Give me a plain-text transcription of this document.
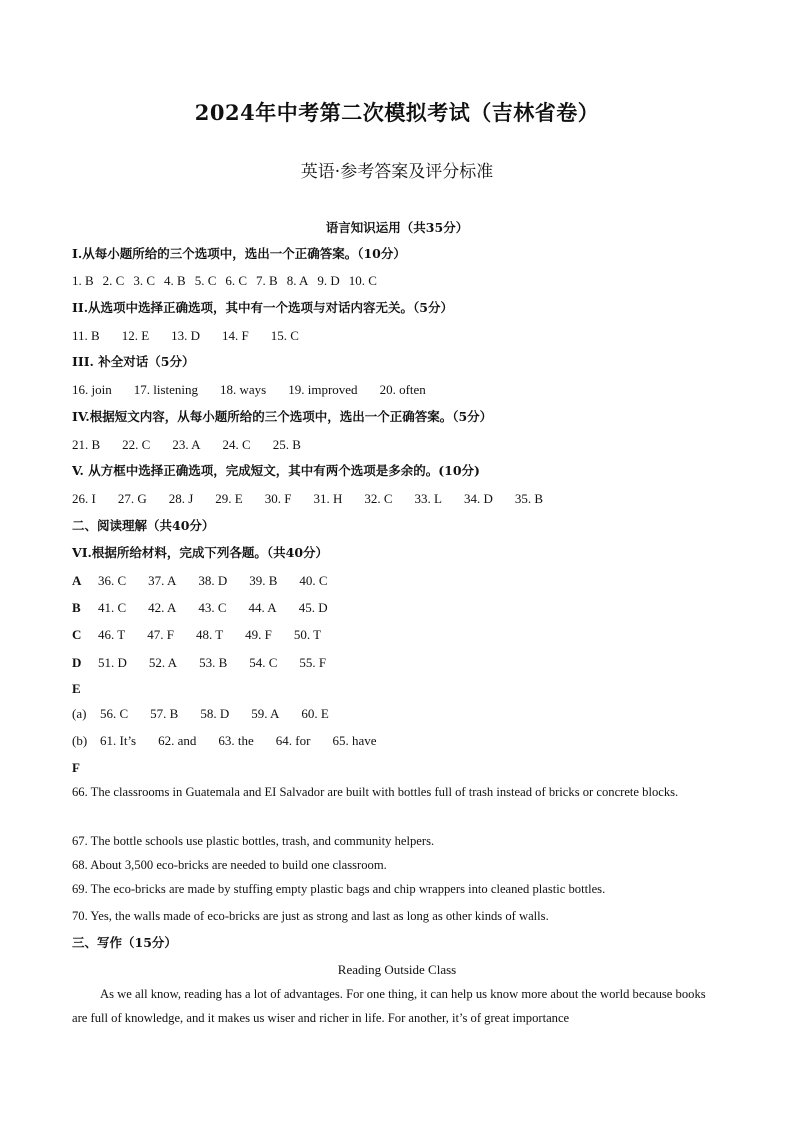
2024年中考第二次模拟考试（吉林省卷）
英语·参考答案及评分标准
语言知识运用（共35分）
I.从每小题所给的三个选项中，选出一个正确答案。（10分）
1. B 2. C 3. C 4. B 5. C 6. C 7. B 8. A 9. D 10. C
II.从选项中选择正确选项，其中有一个选项与对话内容无关。（5分）
11. B 12. E 13. D 14. F 15. C
III. 补全对话（5分）
16. join 17. listening 18. ways 19. improved 20. often
IV.根据短文内容，从每小题所给的三个选项中，选出一个正确答案。（5分）
21. B 22. C 23. A 24. C 25. B
V. 从方框中选择正确选项，完成短文，其中有两个选项是多余的。(10分)
26. I 27. G 28. J 29. E 30. F 31. H 32. C 33. L 34. D 35. B
二、阅读理解（共40分）
VI.根据所给材料，完成下列各题。（共40分）
A 36. C 37. A 38. D 39. B 40. C
B 41. C 42. A 43. C 44. A 45. D
C 46. T 47. F 48. T 49. F 50. T
D 51. D 52. A 53. B 54. C 55. F
E
(a) 56. C 57. B 58. D 59. A 60. E
(b) 61. It’s 62. and 63. the 64. for 65. have
F
66. The classrooms in Guatemala and EI Salvador are built with bottles full of trash instead of bricks or concrete blocks.
67. The bottle schools use plastic bottles, trash, and community helpers.
68. About 3,500 eco-bricks are needed to build one classroom.
69. The eco-bricks are made by stuffing empty plastic bags and chip wrappers into cleaned plastic bottles.
70. Yes, the walls made of eco-bricks are just as strong and last as long as other kinds of walls.
三、写作（15分）
Reading Outside Class
As we all know, reading has a lot of advantages. For one thing, it can help us know more about the world because books are full of knowledge, and it makes us wiser and richer in life. For another, it’s of great importance
